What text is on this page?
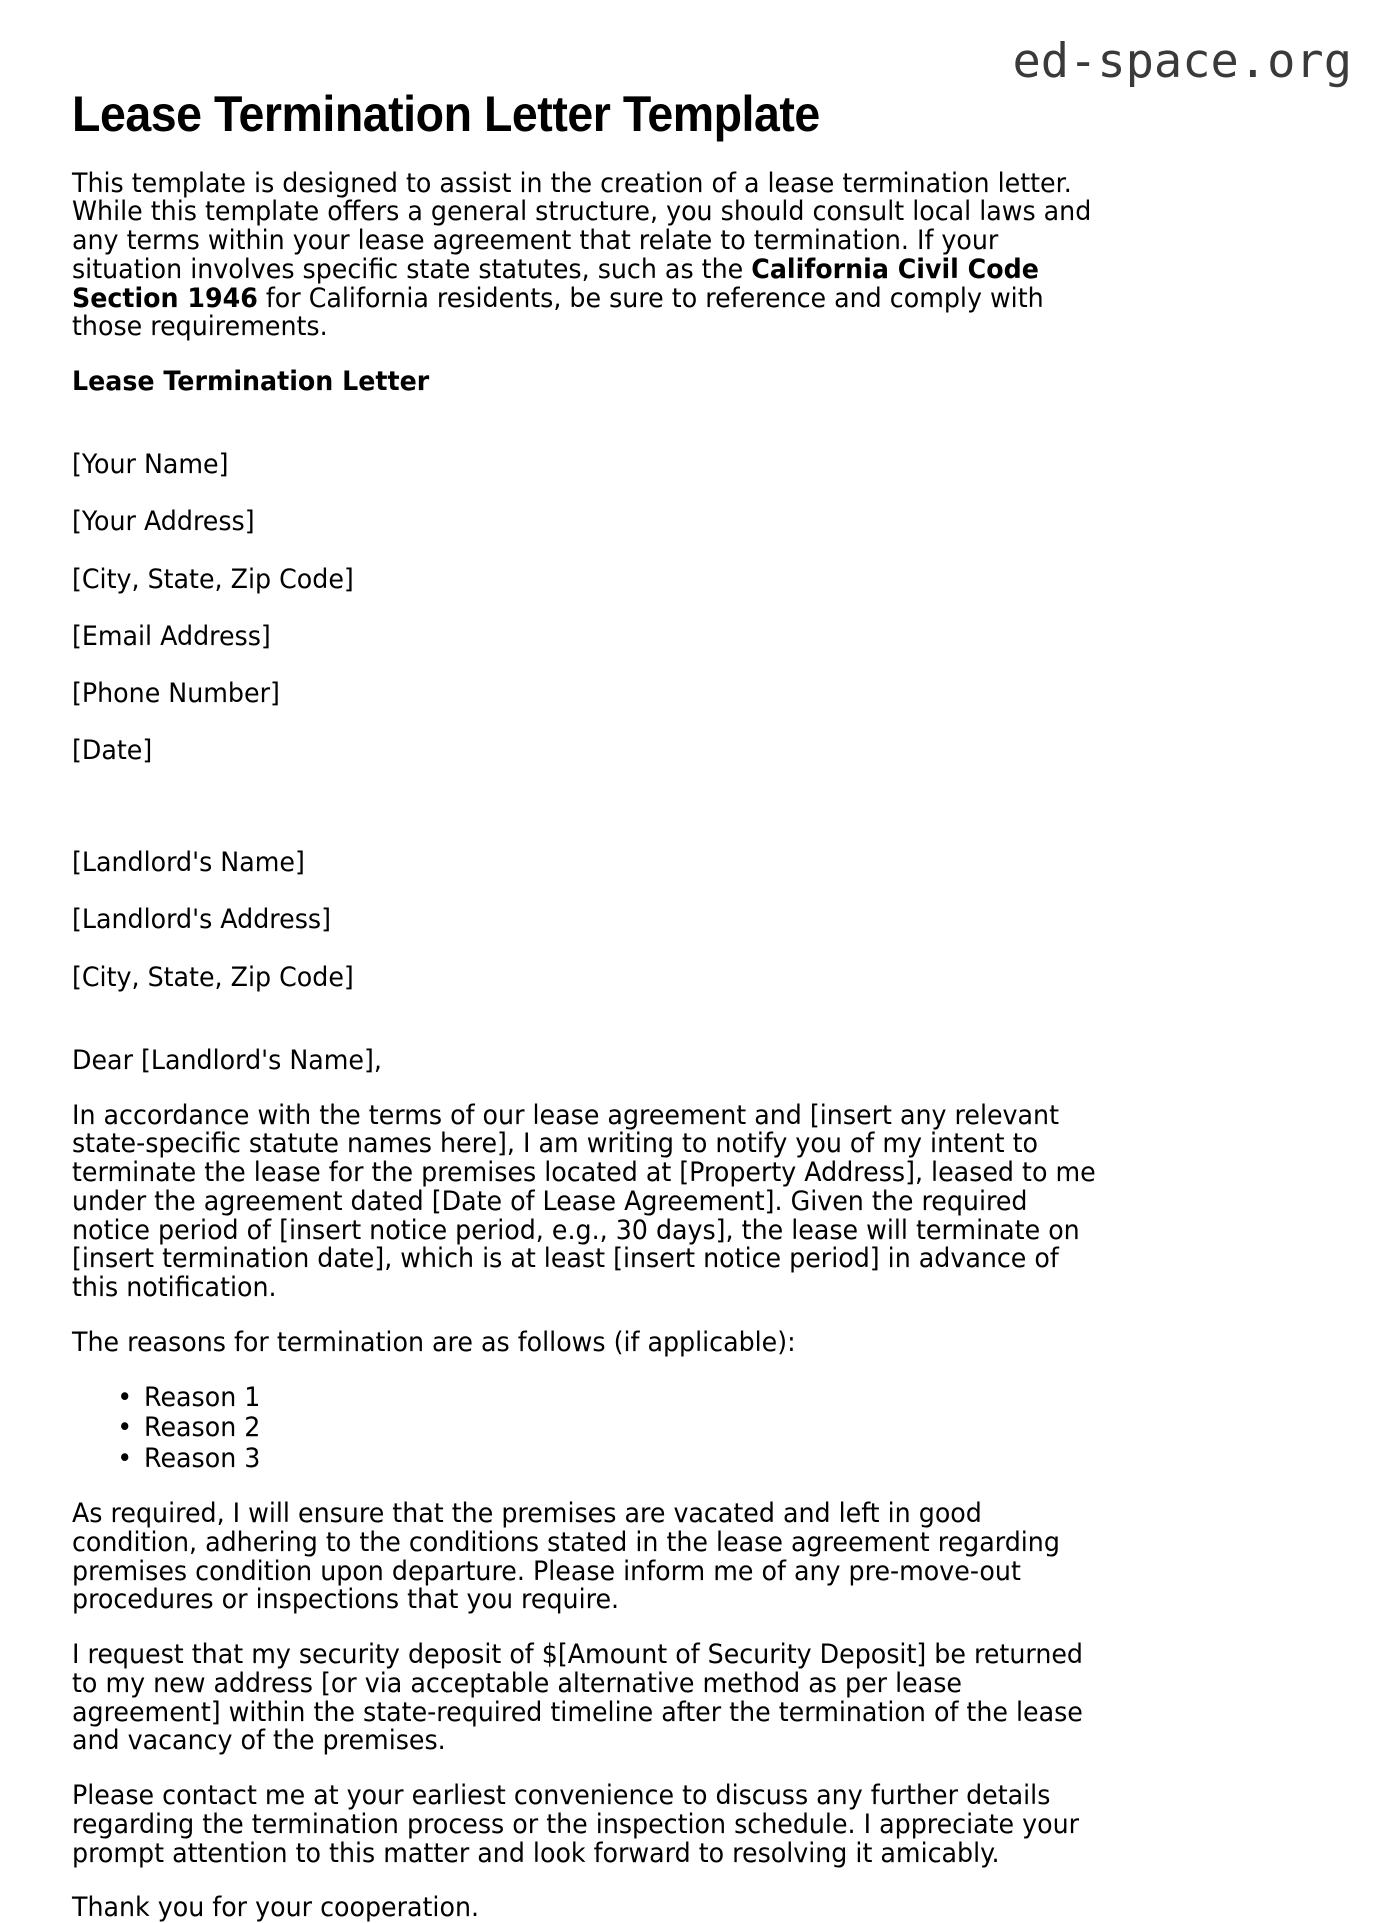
ed-space.org
Lease Termination Letter Template

This template is designed to assist in the creation of a lease termination letter. While this template offers a general structure, you should consult local laws and any terms within your lease agreement that relate to termination. If your situation involves specific state statutes, such as the California Civil Code Section 1946 for California residents, be sure to reference and comply with those requirements.

Lease Termination Letter

[Your Name]

[Your Address]

[City, State, Zip Code]

[Email Address]

[Phone Number]

[Date]

[Landlord's Name]

[Landlord's Address]

[City, State, Zip Code]

Dear [Landlord's Name],

In accordance with the terms of our lease agreement and [insert any relevant state-specific statute names here], I am writing to notify you of my intent to terminate the lease for the premises located at [Property Address], leased to me under the agreement dated [Date of Lease Agreement]. Given the required notice period of [insert notice period, e.g., 30 days], the lease will terminate on [insert termination date], which is at least [insert notice period] in advance of this notification.

The reasons for termination are as follows (if applicable):

• Reason 1
• Reason 2
• Reason 3

As required, I will ensure that the premises are vacated and left in good condition, adhering to the conditions stated in the lease agreement regarding premises condition upon departure. Please inform me of any pre-move-out procedures or inspections that you require.

I request that my security deposit of $[Amount of Security Deposit] be returned to my new address [or via acceptable alternative method as per lease agreement] within the state-required timeline after the termination of the lease and vacancy of the premises.

Please contact me at your earliest convenience to discuss any further details regarding the termination process or the inspection schedule. I appreciate your prompt attention to this matter and look forward to resolving it amicably.

Thank you for your cooperation.
